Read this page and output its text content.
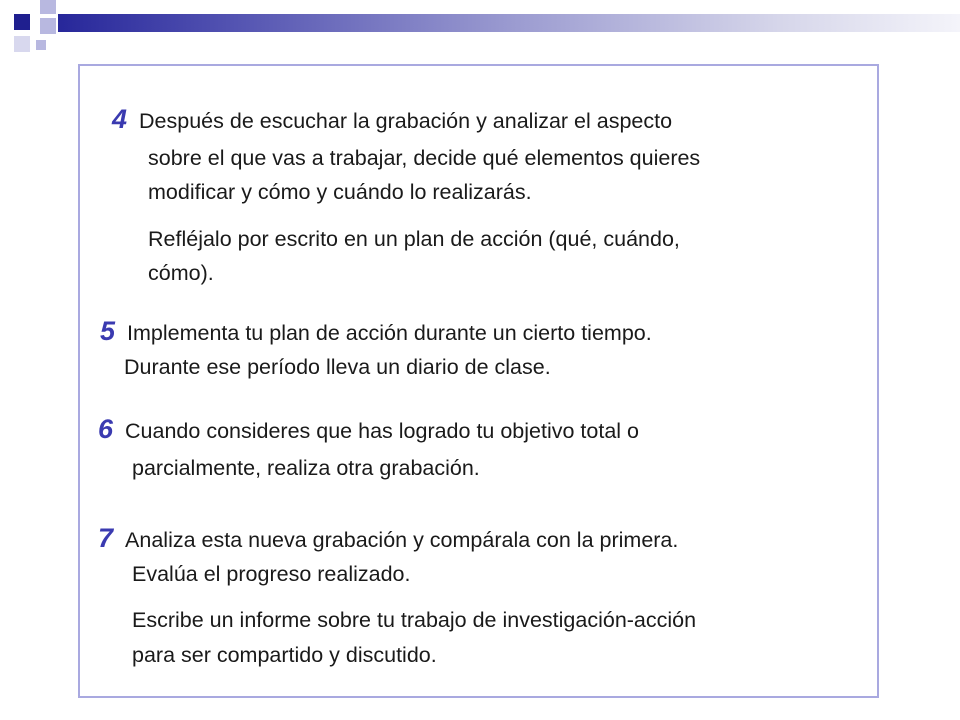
4 Después de escuchar la grabación y analizar el aspecto
sobre el que vas a trabajar, decide qué elementos quieres
modificar y cómo y cuándo lo realizarás.
Refléjalo por escrito en un plan de acción (qué, cuándo,
cómo).
5 Implementa tu plan de acción durante un cierto tiempo.
Durante ese período lleva un diario de clase.
6 Cuando consideres que has logrado tu objetivo total o
parcialmente, realiza otra grabación.
7 Analiza esta nueva grabación y compárala con la primera.
Evalúa el progreso realizado.
Escribe un informe sobre tu trabajo de investigación-acción
para ser compartido y discutido.
